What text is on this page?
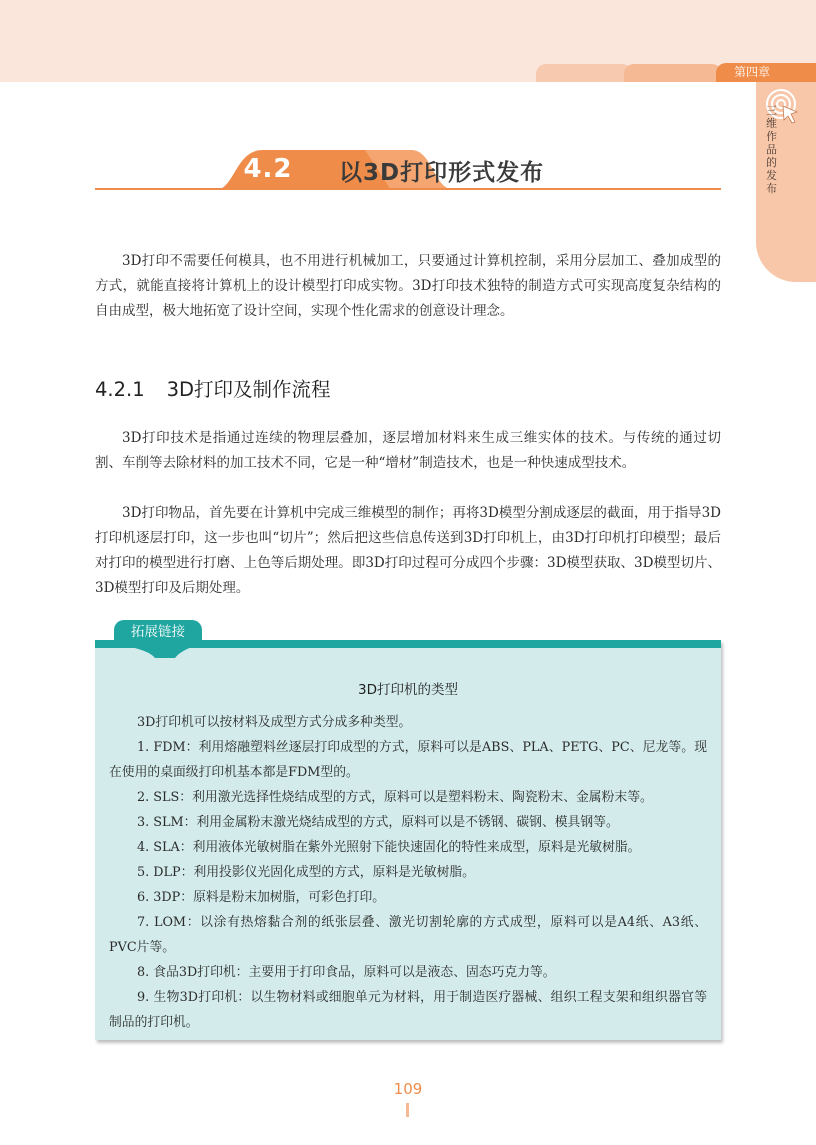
第四章
三维作品的发布
4.2 以3D打印形式发布

3D打印不需要任何模具，也不用进行机械加工，只要通过计算机控制，采用分层加工、叠加成型的方式，就能直接将计算机上的设计模型打印成实物。3D打印技术独特的制造方式可实现高度复杂结构的自由成型，极大地拓宽了设计空间，实现个性化需求的创意设计理念。

4.2.1 3D打印及制作流程

3D打印技术是指通过连续的物理层叠加，逐层增加材料来生成三维实体的技术。与传统的通过切割、车削等去除材料的加工技术不同，它是一种“增材”制造技术，也是一种快速成型技术。

3D打印物品，首先要在计算机中完成三维模型的制作；再将3D模型分割成逐层的截面，用于指导3D打印机逐层打印，这一步也叫“切片”；然后把这些信息传送到3D打印机上，由3D打印机打印模型；最后对打印的模型进行打磨、上色等后期处理。即3D打印过程可分成四个步骤：3D模型获取、3D模型切片、3D模型打印及后期处理。

3D打印机的类型

3D打印机可以按材料及成型方式分成多种类型。

1. FDM：利用熔融塑料丝逐层打印成型的方式，原料可以是ABS、PLA、PETG、PC、尼龙等。现在使用的桌面级打印机基本都是FDM型的。

2. SLS：利用激光选择性烧结成型的方式，原料可以是塑料粉末、陶瓷粉末、金属粉末等。

3. SLM：利用金属粉末激光烧结成型的方式，原料可以是不锈钢、碳钢、模具钢等。

4. SLA：利用液体光敏树脂在紫外光照射下能快速固化的特性来成型，原料是光敏树脂。

5. DLP：利用投影仪光固化成型的方式，原料是光敏树脂。

6. 3DP：原料是粉末加树脂，可彩色打印。

7. LOM：以涂有热熔黏合剂的纸张层叠、激光切割轮廓的方式成型，原料可以是A4纸、A3纸、PVC片等。

8. 食品3D打印机：主要用于打印食品，原料可以是液态、固态巧克力等。

9. 生物3D打印机：以生物材料或细胞单元为材料，用于制造医疗器械、组织工程支架和组织器官等制品的打印机。

拓展链接
109
